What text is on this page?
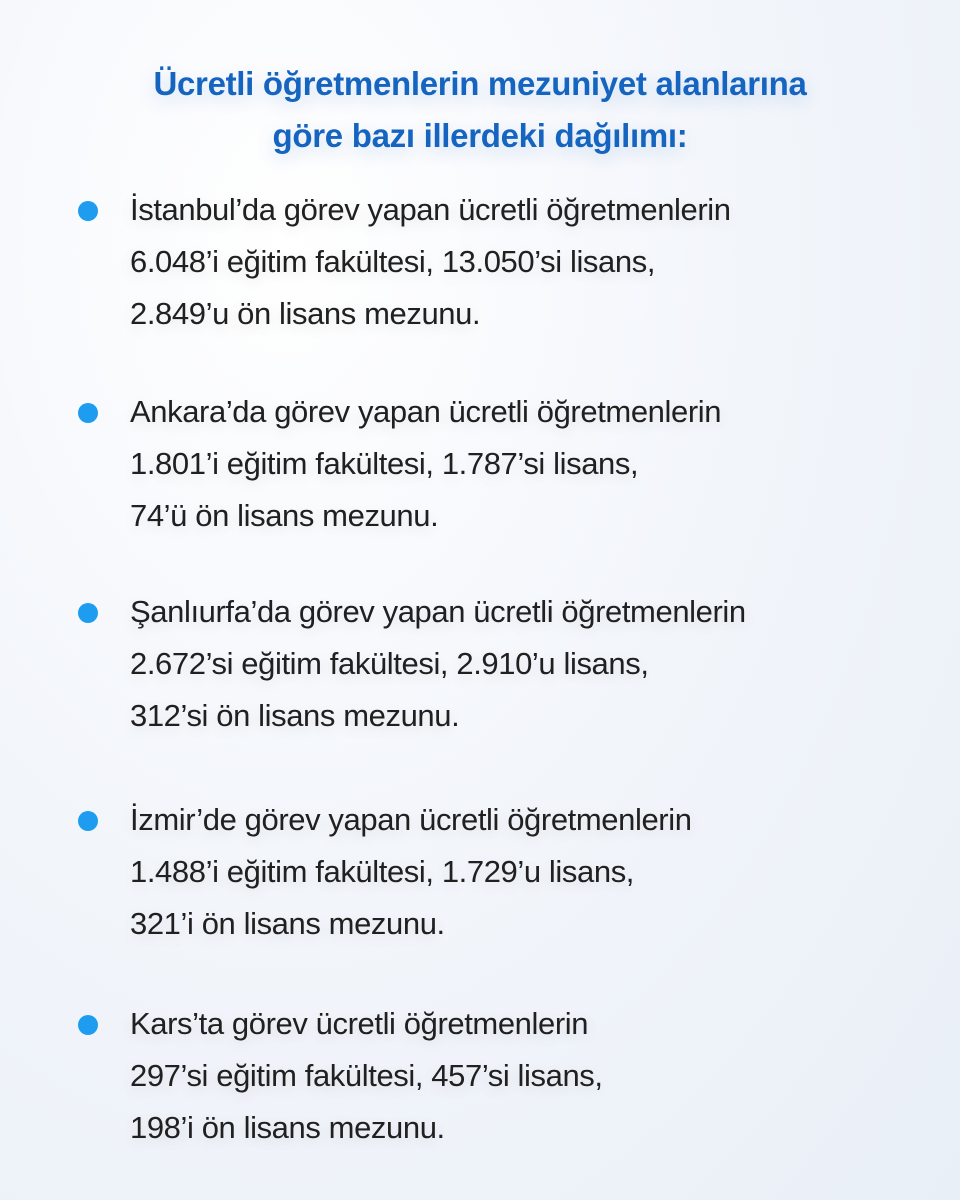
Ücretli öğretmenlerin mezuniyet alanlarına
göre bazı illerdeki dağılımı:
İstanbul’da görev yapan ücretli öğretmenlerin
6.048’i eğitim fakültesi, 13.050’si lisans,
2.849’u ön lisans mezunu.
Ankara’da görev yapan ücretli öğretmenlerin
1.801’i eğitim fakültesi, 1.787’si lisans,
74’ü ön lisans mezunu.
Şanlıurfa’da görev yapan ücretli öğretmenlerin
2.672’si eğitim fakültesi, 2.910’u lisans,
312’si ön lisans mezunu.
İzmir’de görev yapan ücretli öğretmenlerin
1.488’i eğitim fakültesi, 1.729’u lisans,
321’i ön lisans mezunu.
Kars’ta görev ücretli öğretmenlerin
297’si eğitim fakültesi, 457’si lisans,
198’i ön lisans mezunu.
